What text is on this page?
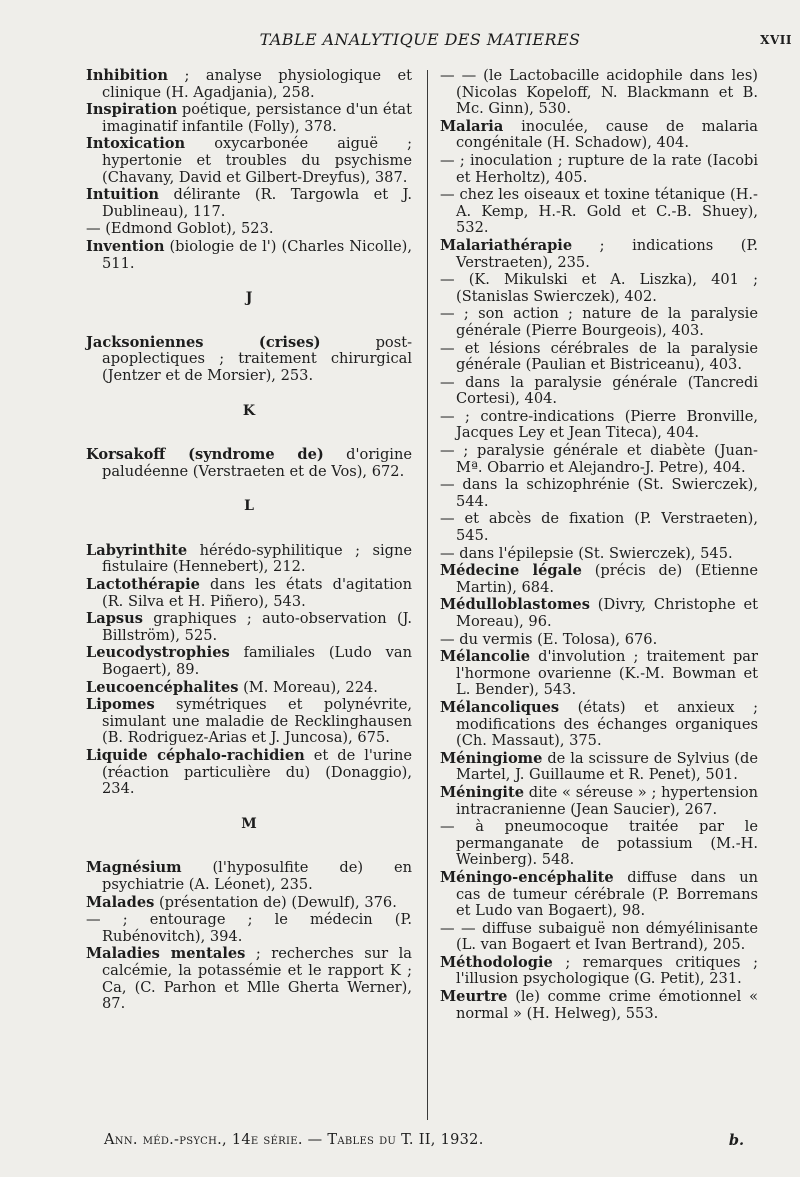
TABLE ANALYTIQUE DES MATIERES	XVII
Inhibition ; analyse physiologique et clinique (H. Agadjania), 258.
Inspiration poétique, persistance d'un état imaginatif infantile (Folly), 378.
Intoxication oxycarbonée aiguë ; hypertonie et troubles du psychisme (Chavany, David et Gilbert-Dreyfus), 387.
Intuition délirante (R. Targowla et J. Dublineau), 117.
— (Edmond Goblot), 523.
Invention (biologie de l') (Charles Nicolle), 511.
J
Jacksoniennes (crises) post-apoplectiques ; traitement chirurgical (Jentzer et de Morsier), 253.
K
Korsakoff (syndrome de) d'origine paludéenne (Verstraeten et de Vos), 672.
L
Labyrinthite hérédo-syphilitique ; signe fistulaire (Hennebert), 212.
Lactothérapie dans les états d'agitation (R. Silva et H. Piñero), 543.
Lapsus graphiques ; auto-observation (J. Billström), 525.
Leucodystrophies familiales (Ludo van Bogaert), 89.
Leucoencéphalites (M. Moreau), 224.
Lipomes symétriques et polynévrite, simulant une maladie de Recklinghausen (B. Rodriguez-Arias et J. Juncosa), 675.
Liquide céphalo-rachidien et de l'urine (réaction particulière du) (Donaggio), 234.
M
Magnésium (l'hyposulfite de) en psychiatrie (A. Léonet), 235.
Malades (présentation de) (Dewulf), 376.
— ; entourage ; le médecin (P. Rubénovitch), 394.
Maladies mentales ; recherches sur la calcémie, la potassémie et le rapport K ; Ca, (C. Parhon et Mlle Gherta Werner), 87.
— — (le Lactobacille acidophile dans les) (Nicolas Kopeloff, N. Blackmann et B. Mc. Ginn), 530.
Malaria inoculée, cause de malaria congénitale (H. Schadow), 404.
— ; inoculation ; rupture de la rate (Iacobi et Herholtz), 405.
— chez les oiseaux et toxine tétanique (H.-A. Kemp, H.-R. Gold et C.-B. Shuey), 532.
Malariathérapie ; indications (P. Verstraeten), 235.
— (K. Mikulski et A. Liszka), 401 ; (Stanislas Swierczek), 402.
— ; son action ; nature de la paralysie générale (Pierre Bourgeois), 403.
— et lésions cérébrales de la paralysie générale (Paulian et Bistriceanu), 403.
— dans la paralysie générale (Tancredi Cortesi), 404.
— ; contre-indications (Pierre Bronville, Jacques Ley et Jean Titeca), 404.
— ; paralysie générale et diabète (Juan-Mª. Obarrio et Alejandro-J. Petre), 404.
— dans la schizophrénie (St. Swierczek), 544.
— et abcès de fixation (P. Verstraeten), 545.
— dans l'épilepsie (St. Swierczek), 545.
Médecine légale (précis de) (Etienne Martin), 684.
Médulloblastomes (Divry, Christophe et Moreau), 96.
— du vermis (E. Tolosa), 676.
Mélancolie d'involution ; traitement par l'hormone ovarienne (K.-M. Bowman et L. Bender), 543.
Mélancoliques (états) et anxieux ; modifications des échanges organiques (Ch. Massaut), 375.
Méningiome de la scissure de Sylvius (de Martel, J. Guillaume et R. Penet), 501.
Méningite dite « séreuse » ; hypertension intracranienne (Jean Saucier), 267.
— à pneumocoque traitée par le permanganate de potassium (M.-H. Weinberg). 548.
Méningo-encéphalite diffuse dans un cas de tumeur cérébrale (P. Borremans et Ludo van Bogaert), 98.
— — diffuse subaiguë non démyélinisante (L. van Bogaert et Ivan Bertrand), 205.
Méthodologie ; remarques critiques ; l'illusion psychologique (G. Petit), 231.
Meurtre (le) comme crime émotionnel « normal » (H. Helweg), 553.
Ann. méd.-psych., 14e série. — Tables du T. II, 1932.	b.
